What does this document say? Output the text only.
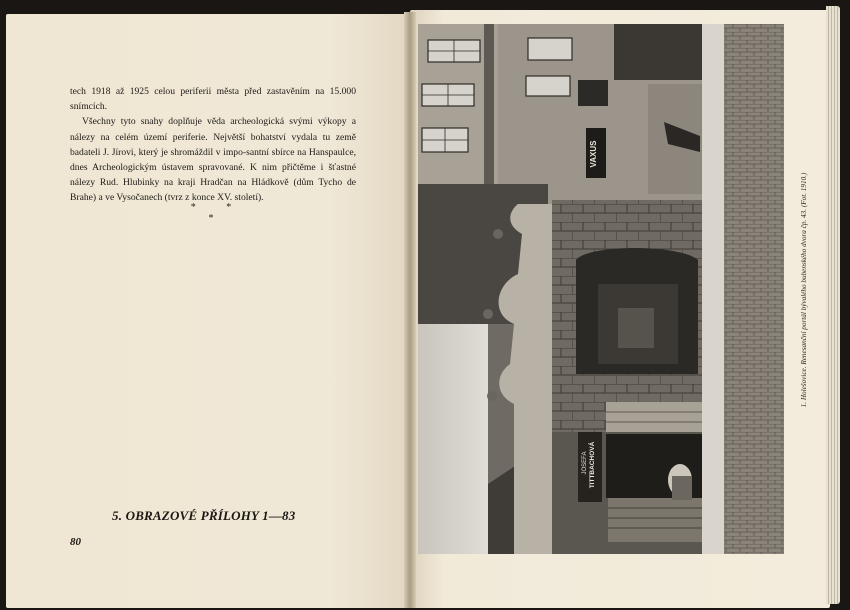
tech 1918 až 1925 celou periferii města před zastavěním na 15.000 snímcích.

Všechny tyto snahy doplňuje věda archeologická svými výkopy a nálezy na celém území periferie. Největší bohatství vydala tu země badateli J. Jírovi, který je shromáždil v impo-santní sbírce na Hanspaulce, dnes Archeologickým ústavem spravované. K nim přičtěme i šťastné nálezy Rud. Hlubinky na kraji Hradčan na Hládkově (dům Tycho de Brahe) a ve Vysočanech (tvrz z konce XV. století).

* * *
5. OBRAZOVÉ PŘÍLOHY 1—83
80
VAXUS
JOSEFA TITTBACHOVÁ
1. Holešovice. Renesanční portál bývalého bubenského dvora čp. 43. (Fot. 1910.)
